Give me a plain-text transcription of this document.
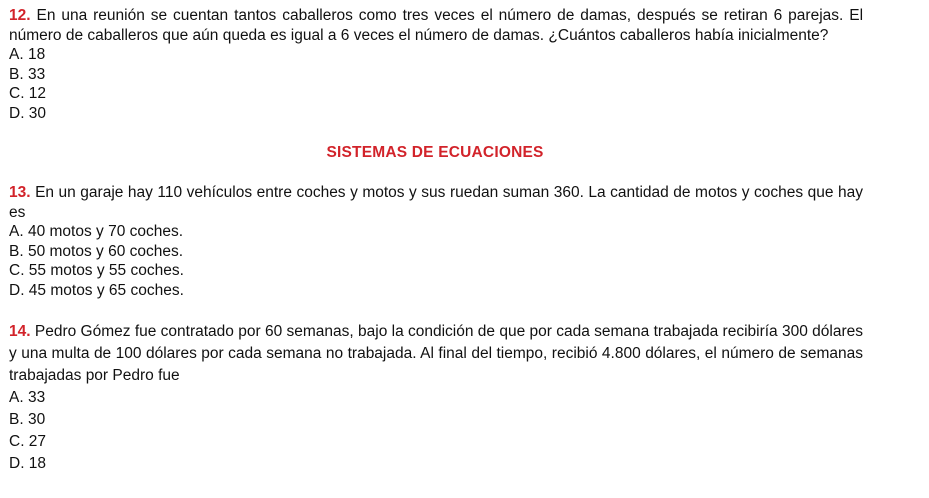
12. En una reunión se cuentan tantos caballeros como tres veces el número de damas, después se retiran 6 parejas. El número de caballeros que aún queda es igual a 6 veces el número de damas. ¿Cuántos caballeros había inicialmente?

A. 18
B. 33
C. 12
D. 30
SISTEMAS DE ECUACIONES

13. En un garaje hay 110 vehículos entre coches y motos y sus ruedan suman 360. La cantidad de motos y coches que hay es

A. 40 motos y 70 coches.
B. 50 motos y 60 coches.
C. 55 motos y 55 coches.
D. 45 motos y 65 coches.

14. Pedro Gómez fue contratado por 60 semanas, bajo la condición de que por cada semana trabajada recibiría 300 dólares y una multa de 100 dólares por cada semana no trabajada. Al final del tiempo, recibió 4.800 dólares, el número de semanas trabajadas por Pedro fue

A. 33
B. 30
C. 27
D. 18
